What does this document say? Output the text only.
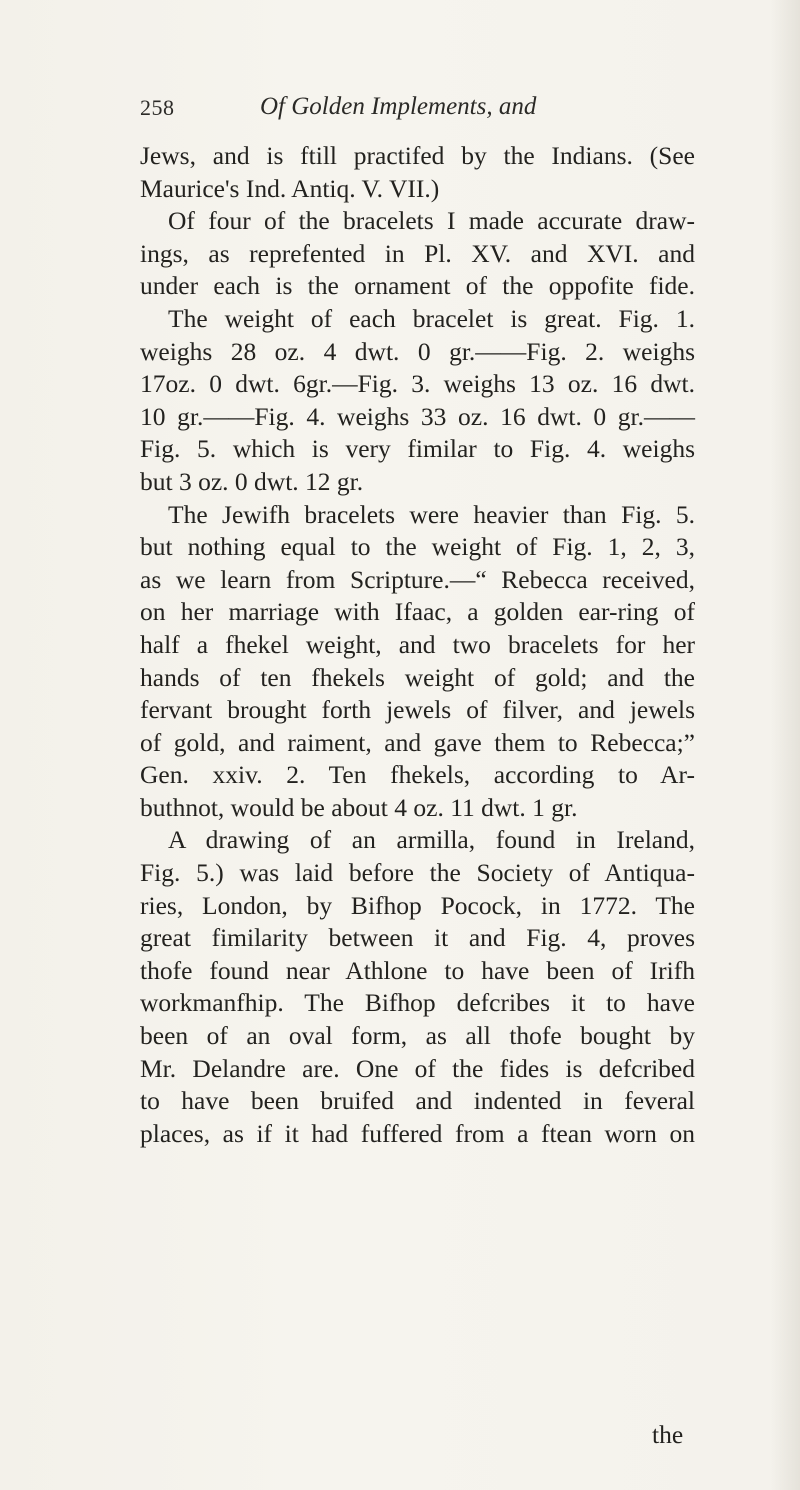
258	Of Golden Implements, and
Jews, and is ftill practifed by the Indians. (See
Maurice's Ind. Antiq. V. VII.)
Of four of the bracelets I made accurate draw-
ings, as reprefented in Pl. XV. and XVI. and
under each is the ornament of the oppofite fide.
The weight of each bracelet is great. Fig. 1.
weighs 28 oz. 4 dwt. 0 gr.——Fig. 2. weighs
17oz. 0 dwt. 6gr.—Fig. 3. weighs 13 oz. 16 dwt.
10 gr.——Fig. 4. weighs 33 oz. 16 dwt. 0 gr.——
Fig. 5. which is very fimilar to Fig. 4. weighs
but 3 oz. 0 dwt. 12 gr.
The Jewifh bracelets were heavier than Fig. 5.
but nothing equal to the weight of Fig. 1, 2, 3,
as we learn from Scripture.—“ Rebecca received,
on her marriage with Ifaac, a golden ear-ring of
half a fhekel weight, and two bracelets for her
hands of ten fhekels weight of gold; and the
fervant brought forth jewels of filver, and jewels
of gold, and raiment, and gave them to Rebecca;”
Gen. xxiv. 2. Ten fhekels, according to Ar-
buthnot, would be about 4 oz. 11 dwt. 1 gr.
A drawing of an armilla, found in Ireland,
Fig. 5.) was laid before the Society of Antiqua-
ries, London, by Bifhop Pocock, in 1772. The
great fimilarity between it and Fig. 4, proves
thofe found near Athlone to have been of Irifh
workmanfhip. The Bifhop defcribes it to have
been of an oval form, as all thofe bought by
Mr. Delandre are. One of the fides is defcribed
to have been bruifed and indented in feveral
places, as if it had fuffered from a ftean worn on
the
